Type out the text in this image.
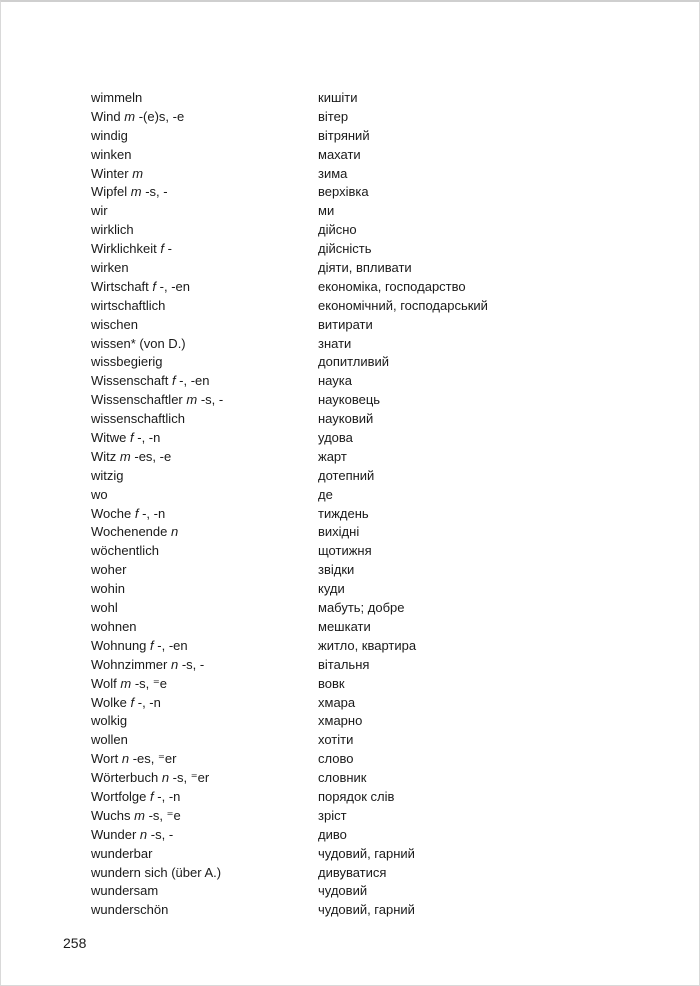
wimmeln	кишіти
Wind m -(e)s, -e	вітер
windig	вітряний
winken	махати
Winter m	зима
Wipfel m -s, -	верхівка
wir	ми
wirklich	дійсно
Wirklichkeit f -	дійсність
wirken	діяти, впливати
Wirtschaft f -, -en	економіка, господарство
wirtschaftlich	економічний, господарський
wischen	витирати
wissen* (von D.)	знати
wissbegierig	допитливий
Wissenschaft f -, -en	наука
Wissenschaftler m -s, -	науковець
wissenschaftlich	науковий
Witwe f -, -n	удова
Witz m -es, -e	жарт
witzig	дотепний
wo	де
Woche f -, -n	тиждень
Wochenende n	вихідні
wöchentlich	щотижня
woher	звідки
wohin	куди
wohl	мабуть; добре
wohnen	мешкати
Wohnung f -, -en	житло, квартира
Wohnzimmer n -s, -	вітальня
Wolf m -s, ⁼e	вовк
Wolke f -, -n	хмара
wolkig	хмарно
wollen	хотіти
Wort n -es, ⁼er	слово
Wörterbuch n -s, ⁼er	словник
Wortfolge f -, -n	порядок слів
Wuchs m -s, ⁼e	зріст
Wunder n -s, -	диво
wunderbar	чудовий, гарний
wundern sich (über A.)	дивуватися
wundersam	чудовий
wunderschön	чудовий, гарний
258
